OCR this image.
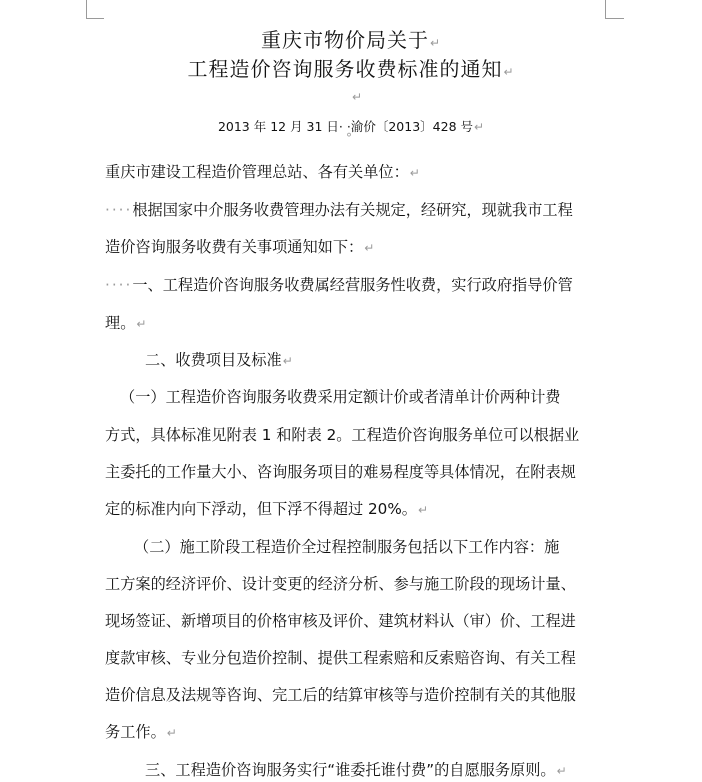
重庆市物价局关于↵
工程造价咨询服务收费标准的通知↵
↵
2013 年 12 月 31 日· ·渝价〔2013〕428 号↵
°
重庆市建设工程造价管理总站、各有关单位：↵
····根据国家中介服务收费管理办法有关规定，经研究，现就我市工程
造价咨询服务收费有关事项通知如下：↵
····一、工程造价咨询服务收费属经营服务性收费，实行政府指导价管
理。↵
二、收费项目及标准↵
（一）工程造价咨询服务收费采用定额计价或者清单计价两种计费
方式，具体标准见附表 1 和附表 2。工程造价咨询服务单位可以根据业
主委托的工作量大小、咨询服务项目的难易程度等具体情况，在附表规
定的标准内向下浮动，但下浮不得超过 20%。↵
（二）施工阶段工程造价全过程控制服务包括以下工作内容：施
工方案的经济评价、设计变更的经济分析、参与施工阶段的现场计量、
现场签证、新增项目的价格审核及评价、建筑材料认（审）价、工程进
度款审核、专业分包造价控制、提供工程索赔和反索赔咨询、有关工程
造价信息及法规等咨询、完工后的结算审核等与造价控制有关的其他服
务工作。↵
三、工程造价咨询服务实行“谁委托谁付费”的自愿服务原则。↵
